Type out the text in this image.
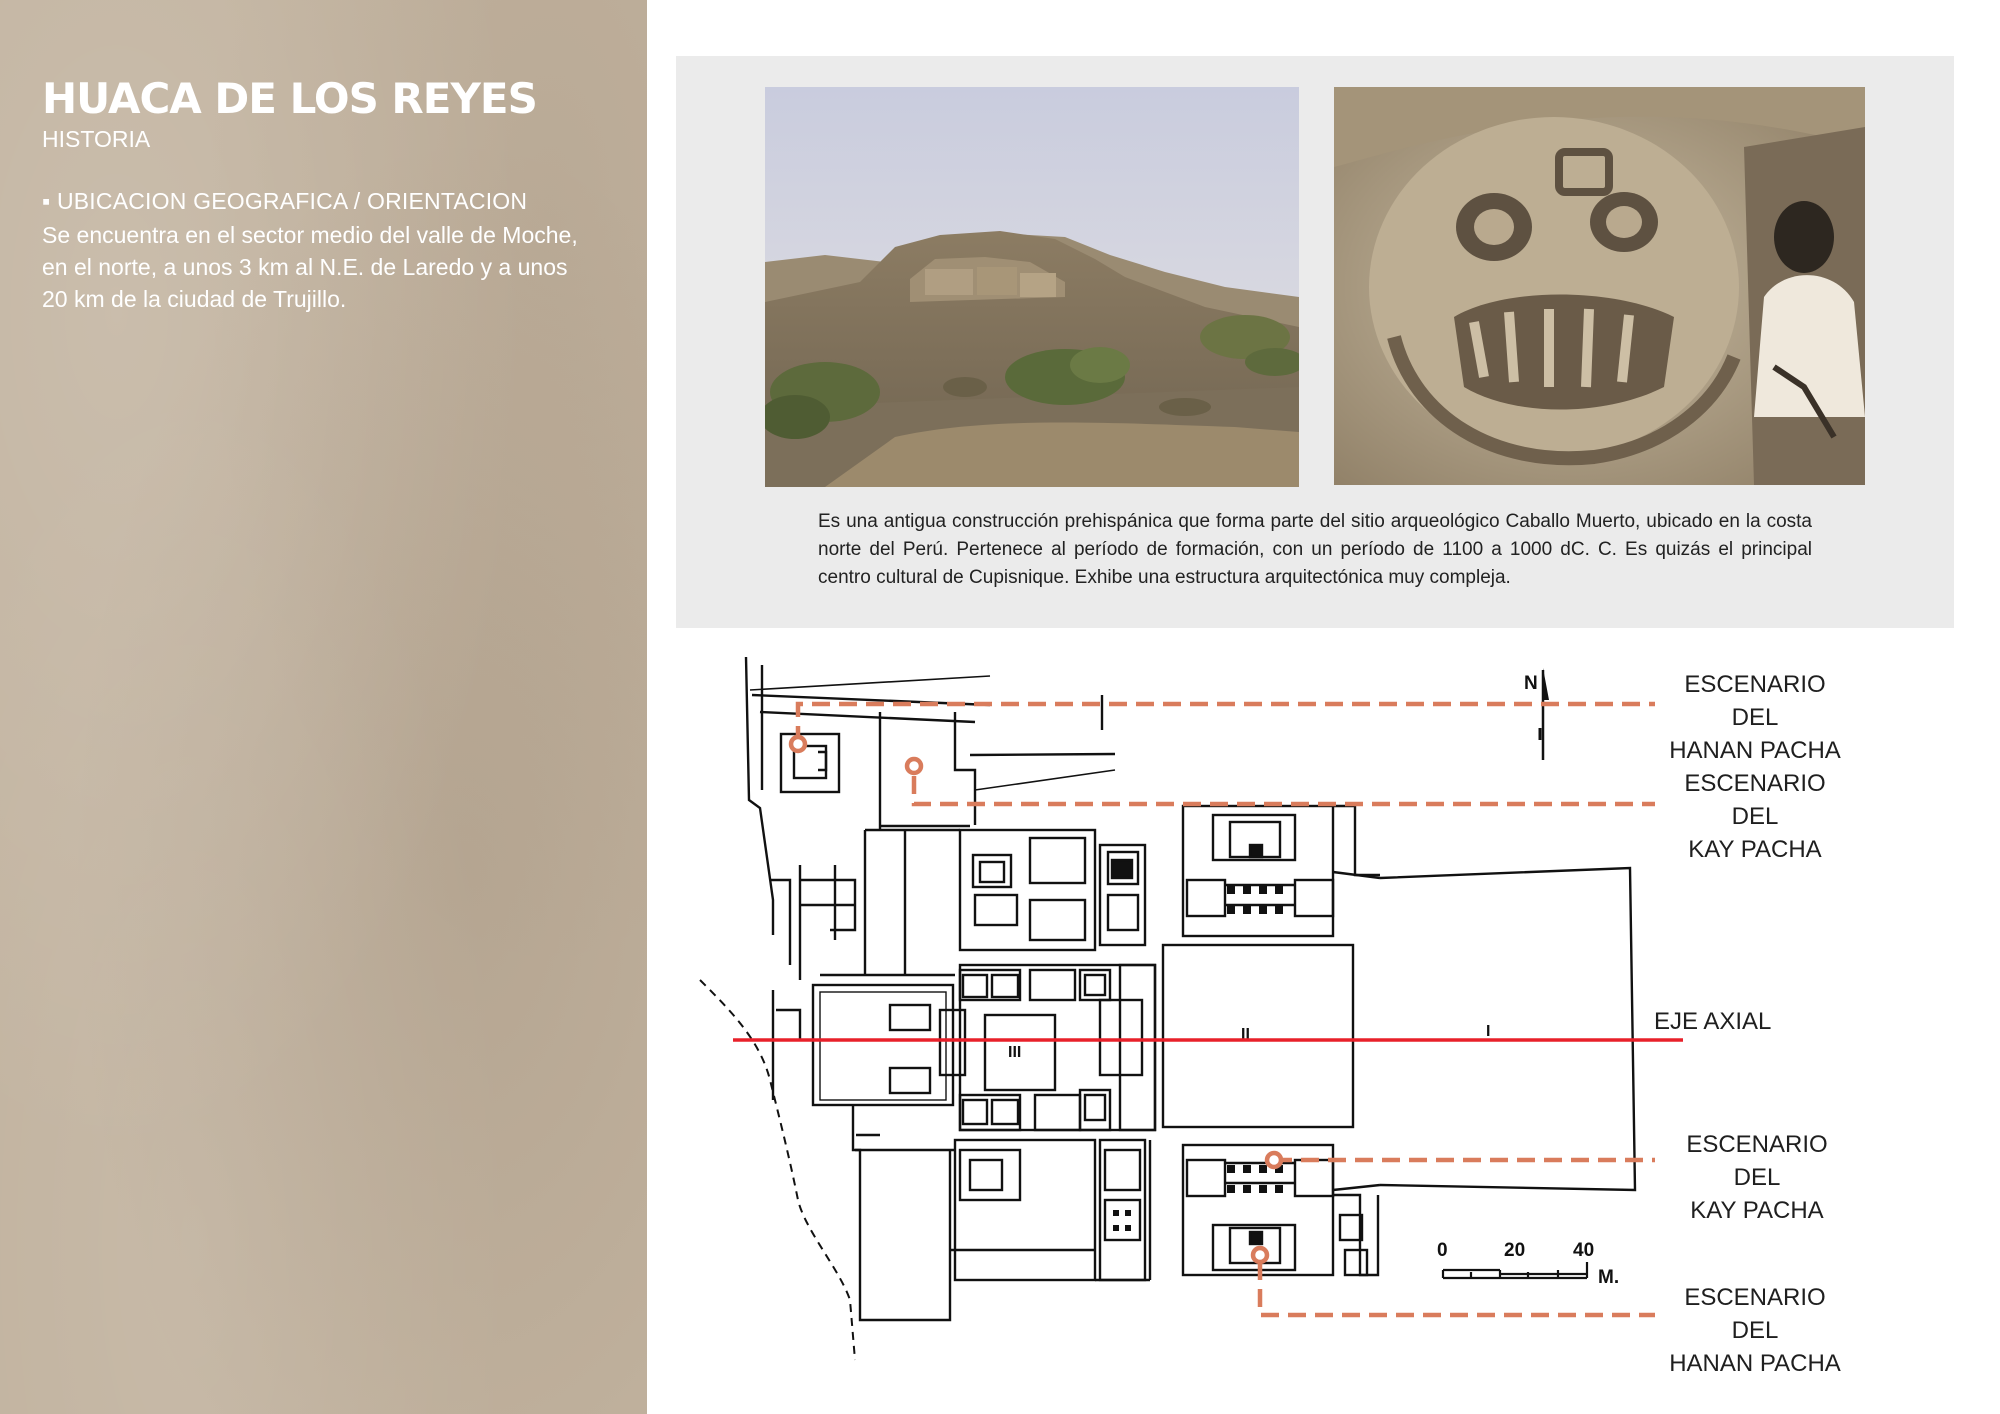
HUACA DE LOS REYES
HISTORIA
▪ UBICACION GEOGRAFICA / ORIENTACION
Se encuentra en el sector medio del valle de Moche, en el norte, a unos 3 km al N.E. de Laredo y a unos 20 km de la ciudad de Trujillo.
Es una antigua construcción prehispánica que forma parte del sitio arqueológico Caballo Muerto, ubicado en la costa norte del Perú. Pertenece al período de formación, con un período de 1100 a 1000 dC. C. Es quizás el principal centro cultural de Cupisnique. Exhibe una estructura arquitectónica muy compleja.
III
II	I
N
0	20	40
M.
ESCENARIO DEL
HANAN PACHA
ESCENARIO DEL
KAY PACHA
EJE AXIAL
ESCENARIO DEL
KAY PACHA
ESCENARIO DEL
HANAN PACHA
